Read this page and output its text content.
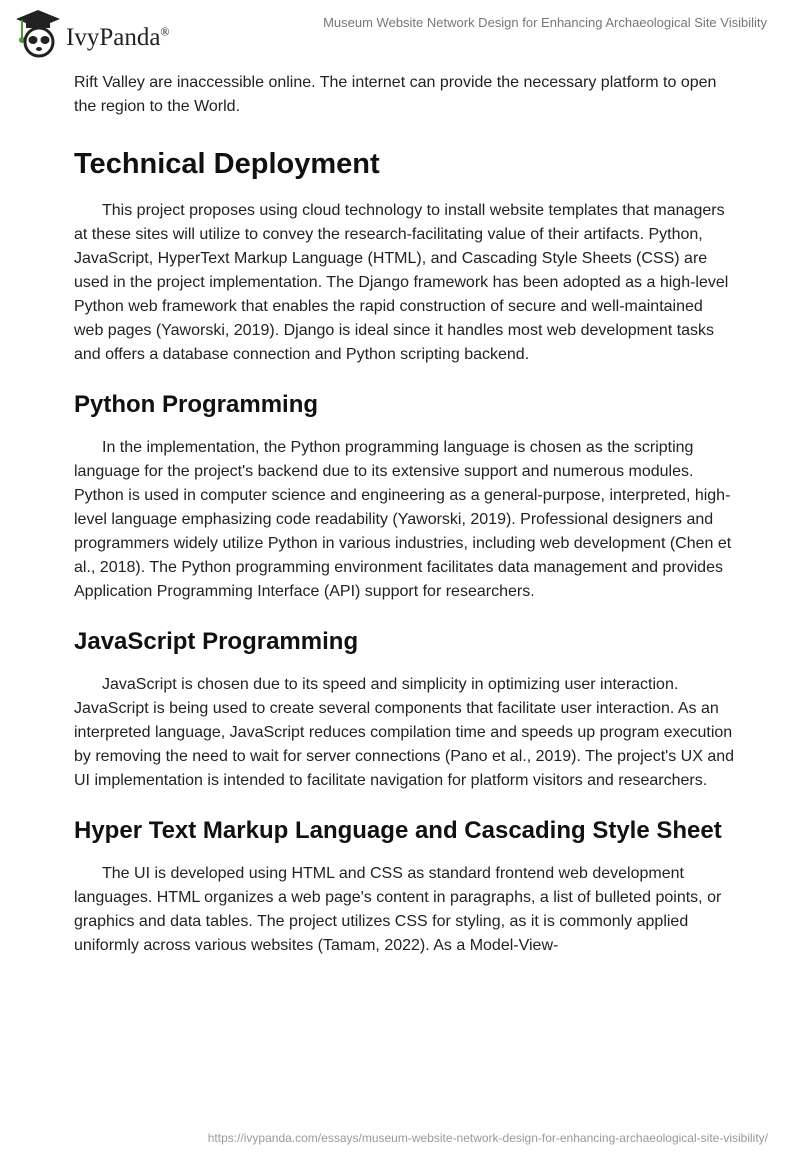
IvyPanda®
Museum Website Network Design for Enhancing Archaeological Site Visibility

Rift Valley are inaccessible online. The internet can provide the necessary platform to open the region to the World.

Technical Deployment

This project proposes using cloud technology to install website templates that managers at these sites will utilize to convey the research-facilitating value of their artifacts. Python, JavaScript, HyperText Markup Language (HTML), and Cascading Style Sheets (CSS) are used in the project implementation. The Django framework has been adopted as a high-level Python web framework that enables the rapid construction of secure and well-maintained web pages (Yaworski, 2019). Django is ideal since it handles most web development tasks and offers a database connection and Python scripting backend.

Python Programming

In the implementation, the Python programming language is chosen as the scripting language for the project's backend due to its extensive support and numerous modules. Python is used in computer science and engineering as a general-purpose, interpreted, high-level language emphasizing code readability (Yaworski, 2019). Professional designers and programmers widely utilize Python in various industries, including web development (Chen et al., 2018). The Python programming environment facilitates data management and provides Application Programming Interface (API) support for researchers.

JavaScript Programming

JavaScript is chosen due to its speed and simplicity in optimizing user interaction. JavaScript is being used to create several components that facilitate user interaction. As an interpreted language, JavaScript reduces compilation time and speeds up program execution by removing the need to wait for server connections (Pano et al., 2019). The project's UX and UI implementation is intended to facilitate navigation for platform visitors and researchers.

Hyper Text Markup Language and Cascading Style Sheet

The UI is developed using HTML and CSS as standard frontend web development languages. HTML organizes a web page's content in paragraphs, a list of bulleted points, or graphics and data tables. The project utilizes CSS for styling, as it is commonly applied uniformly across various websites (Tamam, 2022). As a Model-View-

https://ivypanda.com/essays/museum-website-network-design-for-enhancing-archaeological-site-visibility/
